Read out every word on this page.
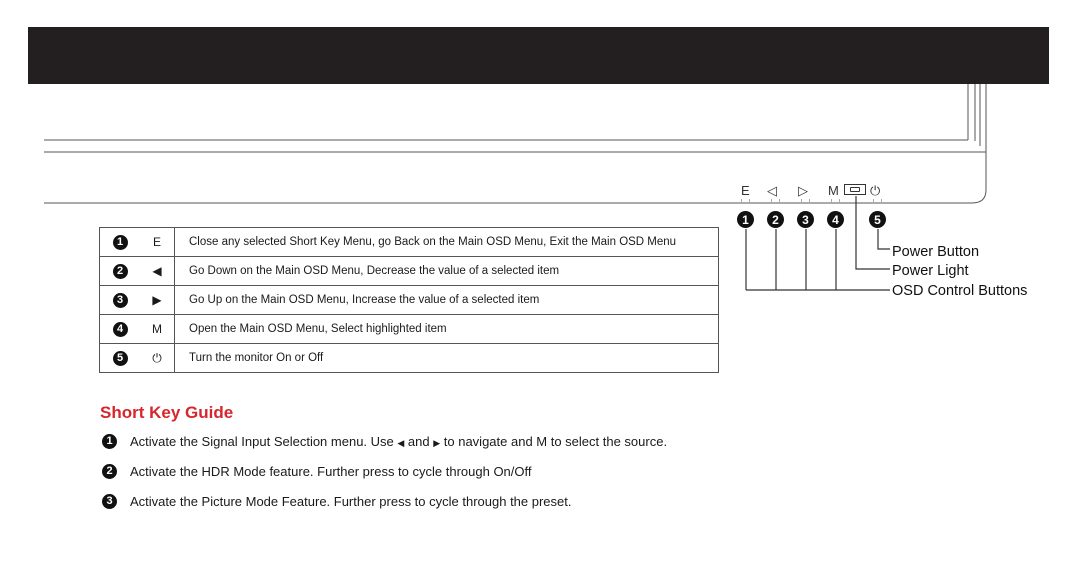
E ◁ ▷ M ⏻
1	2	3	4	5
Power Button
Power Light
OSD Control Buttons
1	E	Close any selected Short Key Menu, go Back on the Main OSD Menu, Exit the Main OSD Menu
2	◀	Go Down on the Main OSD Menu, Decrease the value of a selected item
3	▶	Go Up on the Main OSD Menu, Increase the value of a selected item
4	M	Open the Main OSD Menu, Select highlighted item
5	⏻	Turn the monitor On or Off
Short Key Guide
1	Activate the Signal Input Selection menu. Use ◀ and ▶ to navigate and M to select the source.
2	Activate the HDR Mode feature. Further press to cycle through On/Off
3	Activate the Picture Mode Feature. Further press to cycle through the preset.
